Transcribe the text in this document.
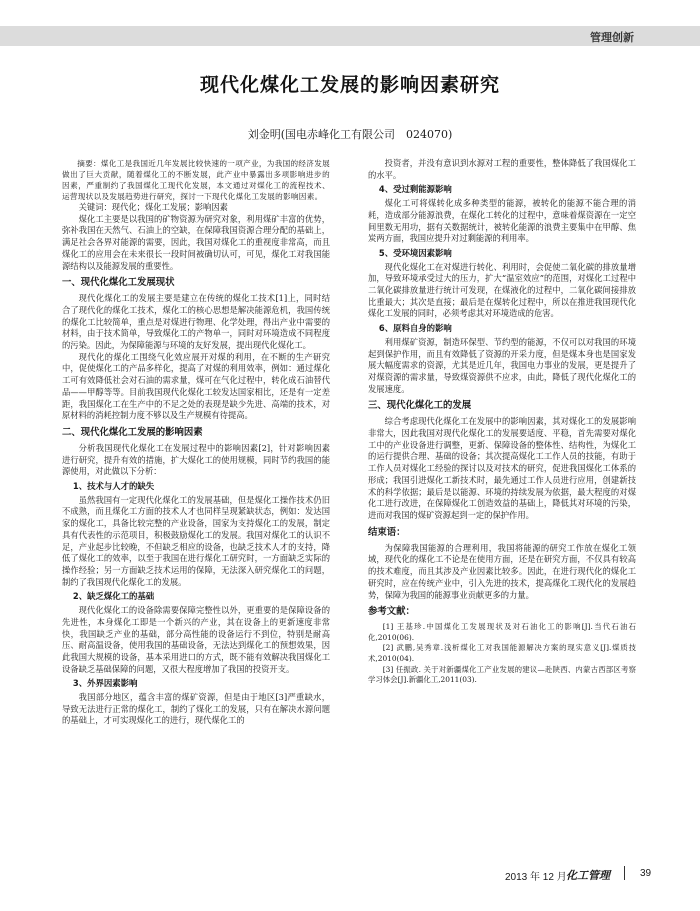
管理创新
现代化煤化工发展的影响因素研究
刘金明(国电赤峰化工有限公司　024070)

摘要：煤化工是我国近几年发展比较快速的一项产业，为我国的经济发展做出了巨大贡献，随着煤化工的不断发展，此产业中暴露出多项影响进步的因素，严重制约了我国煤化工现代化发展，本文通过对煤化工的流程技术、运营现状以及发展趋势进行研究，探讨一下现代化煤化工发展的影响因素。

关键词：现代化；煤化工发展；影响因素

煤化工主要是以我国的矿物资源为研究对象，利用煤矿丰富的优势，弥补我国在天然气、石油上的空缺，在保障我国资源合理分配的基础上，满足社会各界对能源的需要，因此，我国对煤化工的重视度非常高，而且煤化工的应用会在未来很长一段时间被确切认可，可见，煤化工对我国能源结构以及能源发展的重要性。

一、现代化煤化工发展现状

现代化煤化工的发展主要是建立在传统的煤化工技术[1]上，同时结合了现代化的煤化工技术，煤化工的核心思想是解决能源危机，我国传统的煤化工比较简单，重点是对煤进行物理、化学处理，得出产业中需要的材料，由于技术简单，导致煤化工的产物单一，同时对环境造成不同程度的污染。因此，为保障能源与环境的友好发展，提出现代化煤化工。

现代化的煤化工围绕气化效应展开对煤的利用，在不断的生产研究中，促使煤化工的产品多样化，提高了对煤的利用效率，例如：通过煤化工可有效降低社会对石油的需求量，煤可在气化过程中，转化成石油替代品——甲醇等等。目前我国现代化煤化工较发达国家相比，还是有一定差距，我国煤化工在生产中的不足之处的表现是缺少先进、高端的技术，对原材料的消耗控制力度不够以及生产规模有待提高。

二、现代化煤化工发展的影响因素

分析我国现代化煤化工在发展过程中的影响因素[2]，针对影响因素进行研究，提升有效的措施，扩大煤化工的使用规模，同时节约我国的能源使用，对此做以下分析：

1、技术与人才的缺失

虽然我国有一定现代化煤化工的发展基础，但是煤化工操作技术仍旧不成熟，而且煤化工方面的技术人才也同样呈现紧缺状态，例如：发达国家的煤化工，具备比较完整的产业设备，国家为支持煤化工的发展，制定具有代表性的示范项目，积极鼓励煤化工的发展。我国对煤化工的认识不足，产业起步比较晚，不但缺乏相应的设备，也缺乏技术人才的支持，降低了煤化工的效率，以至于我国在进行煤化工研究时，一方面缺乏实际的操作经验；另一方面缺乏技术运用的保障，无法深入研究煤化工的问题，制约了我国现代化煤化工的发展。

2、缺乏煤化工的基础

现代化煤化工的设备除需要保障完整性以外，更重要的是保障设备的先进性，本身煤化工即是一个新兴的产业，其在设备上的更新速度非常快，我国缺乏产业的基础，部分高性能的设备运行不到位，特别是耐高压、耐高温设备，使用我国的基础设备，无法达到煤化工的预想效果，因此我国大规模的设备，基本采用进口的方式，既不能有效解决我国煤化工设备缺乏基础保障的问题，又很大程度增加了我国的投资开支。

3、外界因素影响

我国部分地区，蕴含丰富的煤矿资源，但是由于地区[3]严重缺水，导致无法进行正常的煤化工，制约了煤化工的发展，只有在解决水源问题的基础上，才可实现煤化工的进行，现代煤化工的

投资者，并没有意识到水源对工程的重要性，整体降低了我国煤化工的水平。

4、受过剩能源影响

煤化工可将煤转化成多种类型的能源，被转化的能源不能合理的消耗，造成部分能源浪费，在煤化工转化的过程中，意味着煤资源在一定空间里数无用功，据有关数据统计，被转化能源的浪费主要集中在甲醇、焦炭两方面，我国应提升对过剩能源的利用率。

5、受环境因素影响

现代化煤化工在对煤进行转化、利用时，会促使二氧化碳的排放量增加，导致环境承受过大的压力，扩大“温室效应”的范围，对煤化工过程中二氧化碳排放量进行统计可发现，在煤液化的过程中，二氧化碳间接排放比重最大；其次是直接；最后是在煤转化过程中，所以在推进我国现代化煤化工发展的同时，必须考虑其对环境造成的危害。

6、原料自身的影响

利用煤矿资源，制造环保型、节约型的能源，不仅可以对我国的环境起到保护作用，而且有效降低了资源的开采力度，但是煤本身也是国家发展大幅度需求的资源，尤其是近几年，我国电力事业的发展，更是提升了对煤资源的需求量，导致煤资源供不应求，由此，降低了现代化煤化工的发展速度。

三、现代化煤化工的发展

综合考虑现代化煤化工在发展中的影响因素，其对煤化工的发展影响非常大，因此我国对现代化煤化工的发展要适度、平稳，首先需要对煤化工中的产业设备进行调整，更新、保障设备的整体性、结构性，为煤化工的运行提供合理、基础的设备；其次提高煤化工工作人员的技能，有助于工作人员对煤化工经验的探讨以及对技术的研究，促进我国煤化工体系的形成；我国引进煤化工新技术时，最先通过工作人员进行应用，创建新技术的科学依据；最后是以能源、环境的持续发展为依据，最大程度的对煤化工进行改进，在保障煤化工创造效益的基础上，降低其对环境的污染，进而对我国的煤矿资源起到一定的保护作用。

结束语：

为保障我国能源的合理利用，我国将能源的研究工作放在煤化工领域，现代化的煤化工不论是在使用方面，还是在研究方面，不仅具有较高的技术难度，而且其涉及产业因素比较多。因此，在进行现代化的煤化工研究时，应在传统产业中，引入先进的技术，提高煤化工现代化的发展趋势，保障为我国的能源事业贡献更多的力量。

参考文献：

[1] 王基珍.中国煤化工发展现状及对石油化工的影响[J].当代石油石化,2010(06).

[2] 武鹏,吴秀章.浅析煤化工对我国能源解决方案的现实意义[J].煤质技术,2010(04).

[3] 任振政. 关于对新疆煤化工产业发展的建议—赴陕西、内蒙古西部区考察学习体会[J].新疆化工,2011(03).

2013 年 12 月 化工管理	39
